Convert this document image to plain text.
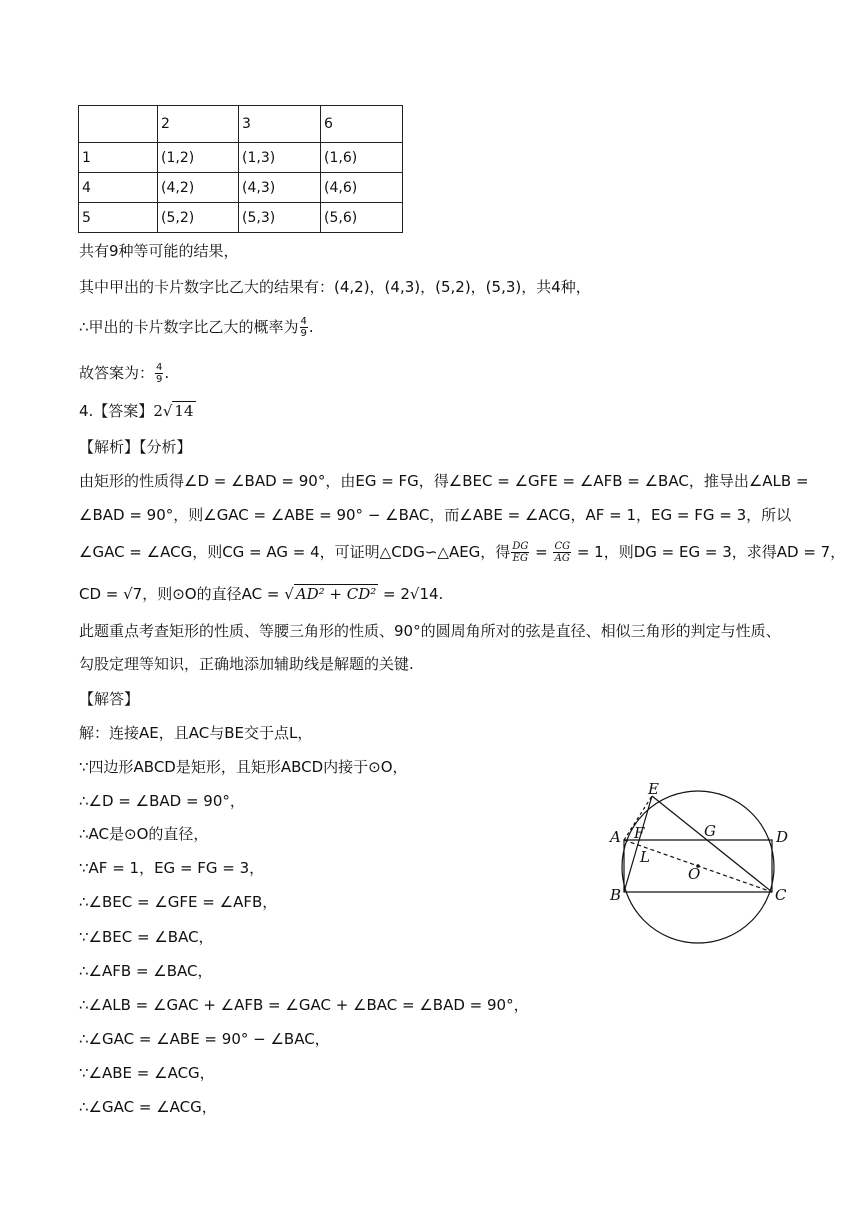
	2	3	6
1	(1,2)	(1,3)	(1,6)
4	(4,2)	(4,3)	(4,6)
5	(5,2)	(5,3)	(5,6)
共有9种等可能的结果，
其中甲出的卡片数字比乙大的结果有：(4,2)，(4,3)，(5,2)，(5,3)，共4种，
∴甲出的卡片数字比乙大的概率为 $\frac{4}{9}$ .
故答案为： $\frac{4}{9}$ .
4.【答案】2√ 14
【解析】【分析】
由矩形的性质得∠D = ∠BAD = 90°，由EG = FG，得∠BEC = ∠GFE = ∠AFB = ∠BAC，推导出∠ALB =
∠BAD = 90°，则∠GAC = ∠ABE = 90° − ∠BAC，而∠ABE = ∠ACG，AF = 1，EG = FG = 3，所以
∠GAC = ∠ACG，则CG = AG = 4，可证明△CDG∽△AEG，得 $\frac{DG}{EG} = \frac{CG}{AG} = 1$，则DG = EG = 3，求得AD = 7，
CD = √7，则⊙O的直径AC = √ AD² + CD² = 2√14.
此题重点考查矩形的性质、等腰三角形的性质、90°的圆周角所对的弦是直径、相似三角形的判定与性质、
勾股定理等知识，正确地添加辅助线是解题的关键.
【解答】
解：连接AE，且AC与BE交于点L，
∵四边形ABCD是矩形，且矩形ABCD内接于⊙O，
∴∠D = ∠BAD = 90°，
∴AC是⊙O的直径，
∵AF = 1，EG = FG = 3，
∴∠BEC = ∠GFE = ∠AFB，
∵∠BEC = ∠BAC，
∴∠AFB = ∠BAC，
∴∠ALB = ∠GAC + ∠AFB = ∠GAC + ∠BAC = ∠BAD = 90°，
∴∠GAC = ∠ABE = 90° − ∠BAC，
∵∠ABE = ∠ACG，
∴∠GAC = ∠ACG，
E
A F	G	D
L
O
B	C
